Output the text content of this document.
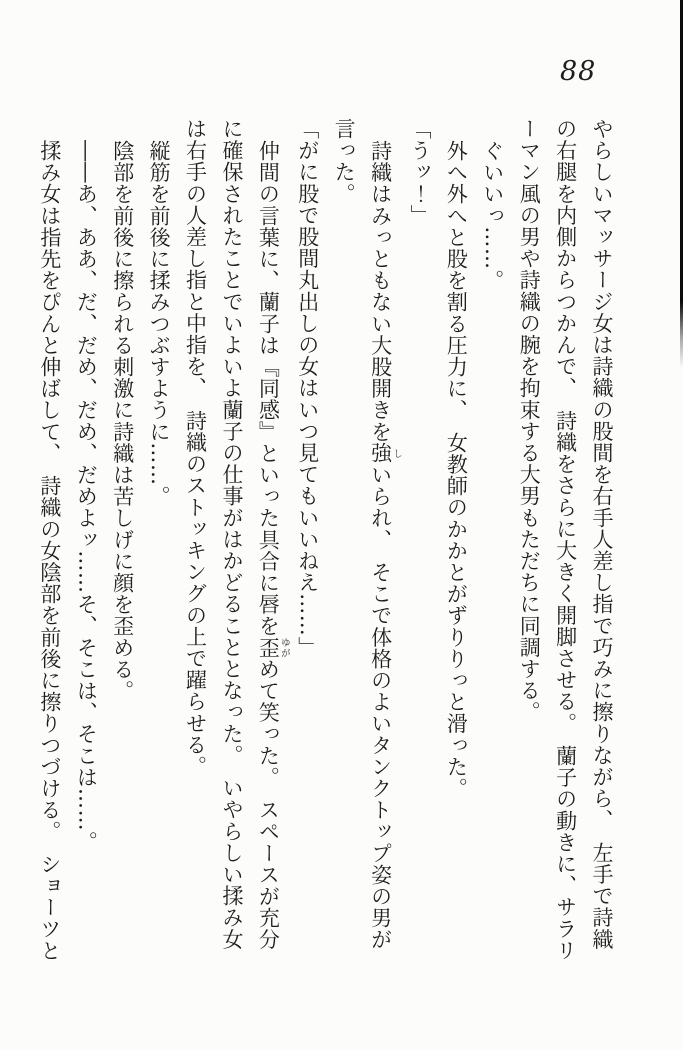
88
やらしいマッサージ女は詩織の股間を右手人差し指で巧みに擦りながら、　左手で詩織
の右腿を内側からつかんで、　詩織をさらに大きく開脚させる。　蘭子の動きに、サラリ
ーマン風の男や詩織の腕を拘束する大男もただちに同調する。
ぐいいっ……。
外へ外へと股を割る圧力に、　女教師のかかとがずりりっと滑った。
「うッ！」
詩織はみっともない大股開きを強しいられ、　そこで体格のよいタンクトップ姿の男が
言った。
「がに股で股間丸出しの女はいつ見てもいいねえ……」
仲間の言葉に、蘭子は『同感』といった具合に唇を歪ゆがめて笑った。　スペースが充分
に確保されたことでいよいよ蘭子の仕事がはかどることとなった。　いやらしい揉み女
は右手の人差し指と中指を、　詩織のストッキングの上で躍らせる。
縦筋を前後に揉みつぶすように……。
陰部を前後に擦られる刺激に詩織は苦しげに顔を歪める。
――あ、ああ、だ、だめ、だめ、だめよッ……そ、そこは、そこは……。
揉み女は指先をぴんと伸ばして、　詩織の女陰部を前後に擦りつづける。　ショーツと
